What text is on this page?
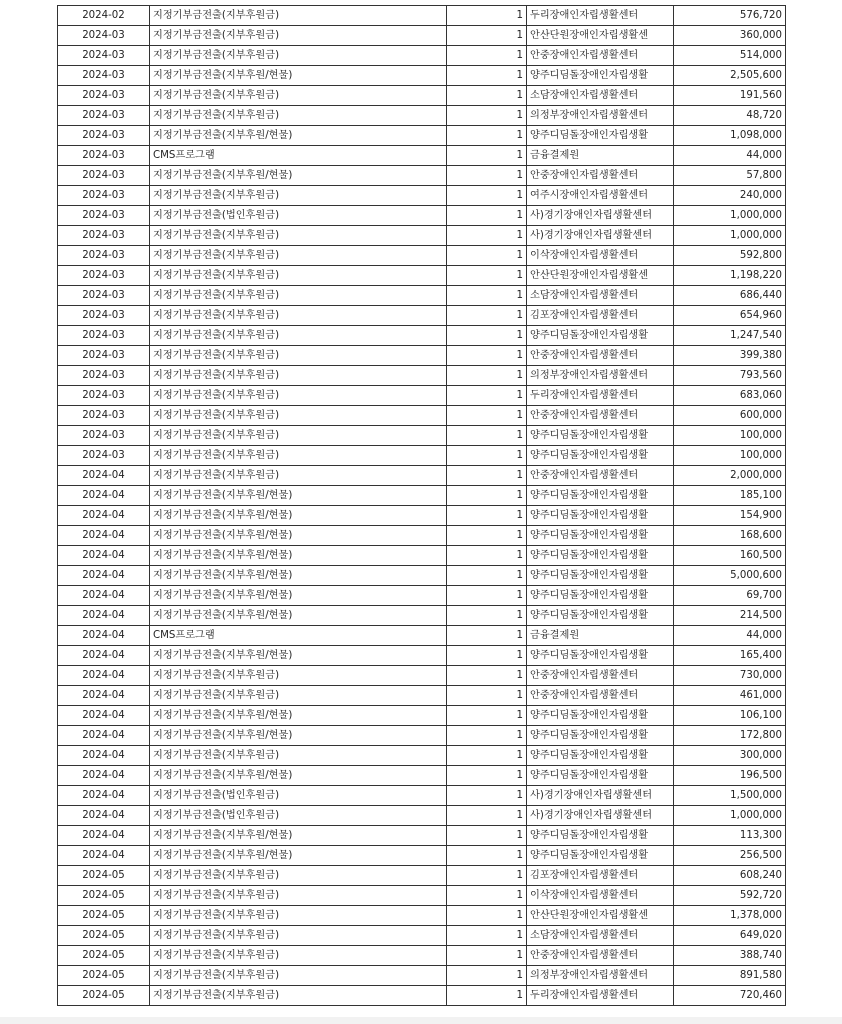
2024-02	지정기부금전출(지부후원금)	1	두리장애인자립생활센터	576,720
2024-03	지정기부금전출(지부후원금)	1	안산단원장애인자립생활센	360,000
2024-03	지정기부금전출(지부후원금)	1	안중장애인자립생활센터	514,000
2024-03	지정기부금전출(지부후원/현물)	1	양주디딤돌장애인자립생활	2,505,600
2024-03	지정기부금전출(지부후원금)	1	소담장애인자립생활센터	191,560
2024-03	지정기부금전출(지부후원금)	1	의정부장애인자립생활센터	48,720
2024-03	지정기부금전출(지부후원/현물)	1	양주디딤돌장애인자립생활	1,098,000
2024-03	CMS프로그램	1	금융결제원	44,000
2024-03	지정기부금전출(지부후원/현물)	1	안중장애인자립생활센터	57,800
2024-03	지정기부금전출(지부후원금)	1	여주시장애인자립생활센터	240,000
2024-03	지정기부금전출(법인후원금)	1	사)경기장애인자립생활센터	1,000,000
2024-03	지정기부금전출(지부후원금)	1	사)경기장애인자립생활센터	1,000,000
2024-03	지정기부금전출(지부후원금)	1	이삭장애인자립생활센터	592,800
2024-03	지정기부금전출(지부후원금)	1	안산단원장애인자립생활센	1,198,220
2024-03	지정기부금전출(지부후원금)	1	소담장애인자립생활센터	686,440
2024-03	지정기부금전출(지부후원금)	1	김포장애인자립생활센터	654,960
2024-03	지정기부금전출(지부후원금)	1	양주디딤돌장애인자립생활	1,247,540
2024-03	지정기부금전출(지부후원금)	1	안중장애인자립생활센터	399,380
2024-03	지정기부금전출(지부후원금)	1	의정부장애인자립생활센터	793,560
2024-03	지정기부금전출(지부후원금)	1	두리장애인자립생활센터	683,060
2024-03	지정기부금전출(지부후원금)	1	안중장애인자립생활센터	600,000
2024-03	지정기부금전출(지부후원금)	1	양주디딤돌장애인자립생활	100,000
2024-03	지정기부금전출(지부후원금)	1	양주디딤돌장애인자립생활	100,000
2024-04	지정기부금전출(지부후원금)	1	안중장애인자립생활센터	2,000,000
2024-04	지정기부금전출(지부후원/현물)	1	양주디딤돌장애인자립생활	185,100
2024-04	지정기부금전출(지부후원/현물)	1	양주디딤돌장애인자립생활	154,900
2024-04	지정기부금전출(지부후원/현물)	1	양주디딤돌장애인자립생활	168,600
2024-04	지정기부금전출(지부후원/현물)	1	양주디딤돌장애인자립생활	160,500
2024-04	지정기부금전출(지부후원/현물)	1	양주디딤돌장애인자립생활	5,000,600
2024-04	지정기부금전출(지부후원/현물)	1	양주디딤돌장애인자립생활	69,700
2024-04	지정기부금전출(지부후원/현물)	1	양주디딤돌장애인자립생활	214,500
2024-04	CMS프로그램	1	금융결제원	44,000
2024-04	지정기부금전출(지부후원/현물)	1	양주디딤돌장애인자립생활	165,400
2024-04	지정기부금전출(지부후원금)	1	안중장애인자립생활센터	730,000
2024-04	지정기부금전출(지부후원금)	1	안중장애인자립생활센터	461,000
2024-04	지정기부금전출(지부후원/현물)	1	양주디딤돌장애인자립생활	106,100
2024-04	지정기부금전출(지부후원/현물)	1	양주디딤돌장애인자립생활	172,800
2024-04	지정기부금전출(지부후원금)	1	양주디딤돌장애인자립생활	300,000
2024-04	지정기부금전출(지부후원/현물)	1	양주디딤돌장애인자립생활	196,500
2024-04	지정기부금전출(법인후원금)	1	사)경기장애인자립생활센터	1,500,000
2024-04	지정기부금전출(법인후원금)	1	사)경기장애인자립생활센터	1,000,000
2024-04	지정기부금전출(지부후원/현물)	1	양주디딤돌장애인자립생활	113,300
2024-04	지정기부금전출(지부후원/현물)	1	양주디딤돌장애인자립생활	256,500
2024-05	지정기부금전출(지부후원금)	1	김포장애인자립생활센터	608,240
2024-05	지정기부금전출(지부후원금)	1	이삭장애인자립생활센터	592,720
2024-05	지정기부금전출(지부후원금)	1	안산단원장애인자립생활센	1,378,000
2024-05	지정기부금전출(지부후원금)	1	소담장애인자립생활센터	649,020
2024-05	지정기부금전출(지부후원금)	1	안중장애인자립생활센터	388,740
2024-05	지정기부금전출(지부후원금)	1	의정부장애인자립생활센터	891,580
2024-05	지정기부금전출(지부후원금)	1	두리장애인자립생활센터	720,460
